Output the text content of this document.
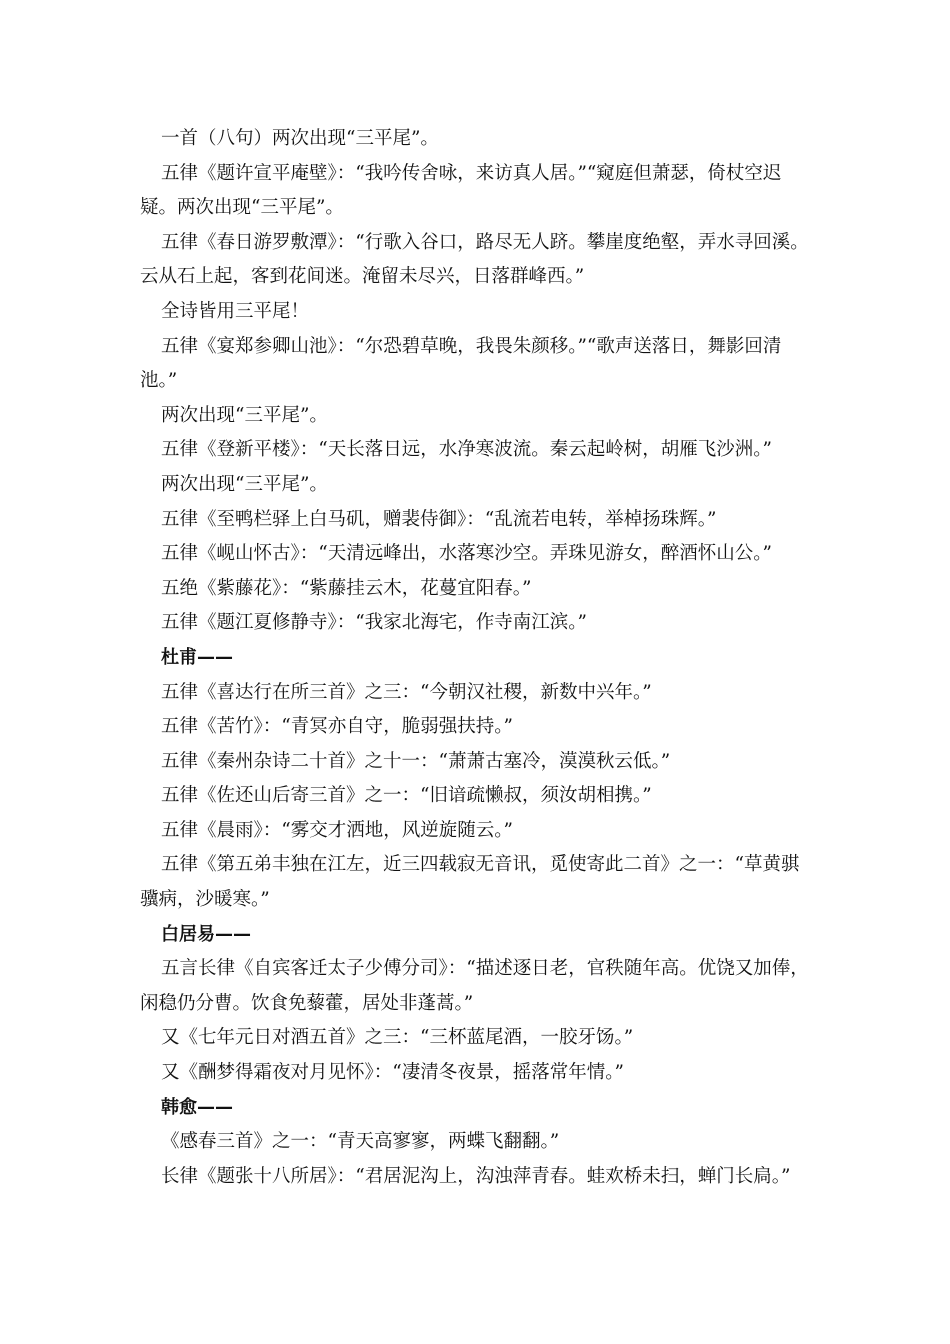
一首（八句）两次出现“三平尾”。

五律《题许宣平庵壁》：“我吟传舍咏，来访真人居。”“窥庭但萧瑟，倚杖空迟

疑。两次出现“三平尾”。

五律《春日游罗敷潭》：“行歌入谷口，路尽无人跻。攀崖度绝壑，弄水寻回溪。

云从石上起，客到花间迷。淹留未尽兴，日落群峰西。”

全诗皆用三平尾！

五律《宴郑参卿山池》：“尔恐碧草晚，我畏朱颜移。”“歌声送落日，舞影回清

池。”

两次出现“三平尾”。

五律《登新平楼》：“天长落日远，水净寒波流。秦云起岭树，胡雁飞沙洲。”

两次出现“三平尾”。

五律《至鸭栏驿上白马矶，赠裴侍御》：“乱流若电转，举棹扬珠辉。”

五律《岘山怀古》：“天清远峰出，水落寒沙空。弄珠见游女，醉酒怀山公。”

五绝《紫藤花》：“紫藤挂云木，花蔓宜阳春。”

五律《题江夏修静寺》：“我家北海宅，作寺南江滨。”

杜甫——

五律《喜达行在所三首》之三：“今朝汉社稷，新数中兴年。”

五律《苦竹》：“青冥亦自守，脆弱强扶持。”

五律《秦州杂诗二十首》之十一：“萧萧古塞冷，漠漠秋云低。”

五律《佐还山后寄三首》之一：“旧谙疏懒叔，须汝胡相携。”

五律《晨雨》：“雾交才洒地，风逆旋随云。”

五律《第五弟丰独在江左，近三四载寂无音讯，觅使寄此二首》之一：“草黄骐

骥病，沙暖寒。”

白居易——

五言长律《自宾客迁太子少傅分司》：“描述逐日老，官秩随年高。优饶又加俸，

闲稳仍分曹。饮食免藜藿，居处非蓬蒿。”

又《七年元日对酒五首》之三：“三杯蓝尾酒，一胶牙饧。”

又《酬梦得霜夜对月见怀》：“凄清冬夜景，摇落常年情。”

韩愈——

《感春三首》之一：“青天高寥寥，两蝶飞翻翻。”

长律《题张十八所居》：“君居泥沟上，沟浊萍青春。蛙欢桥未扫，蝉门长扃。”
